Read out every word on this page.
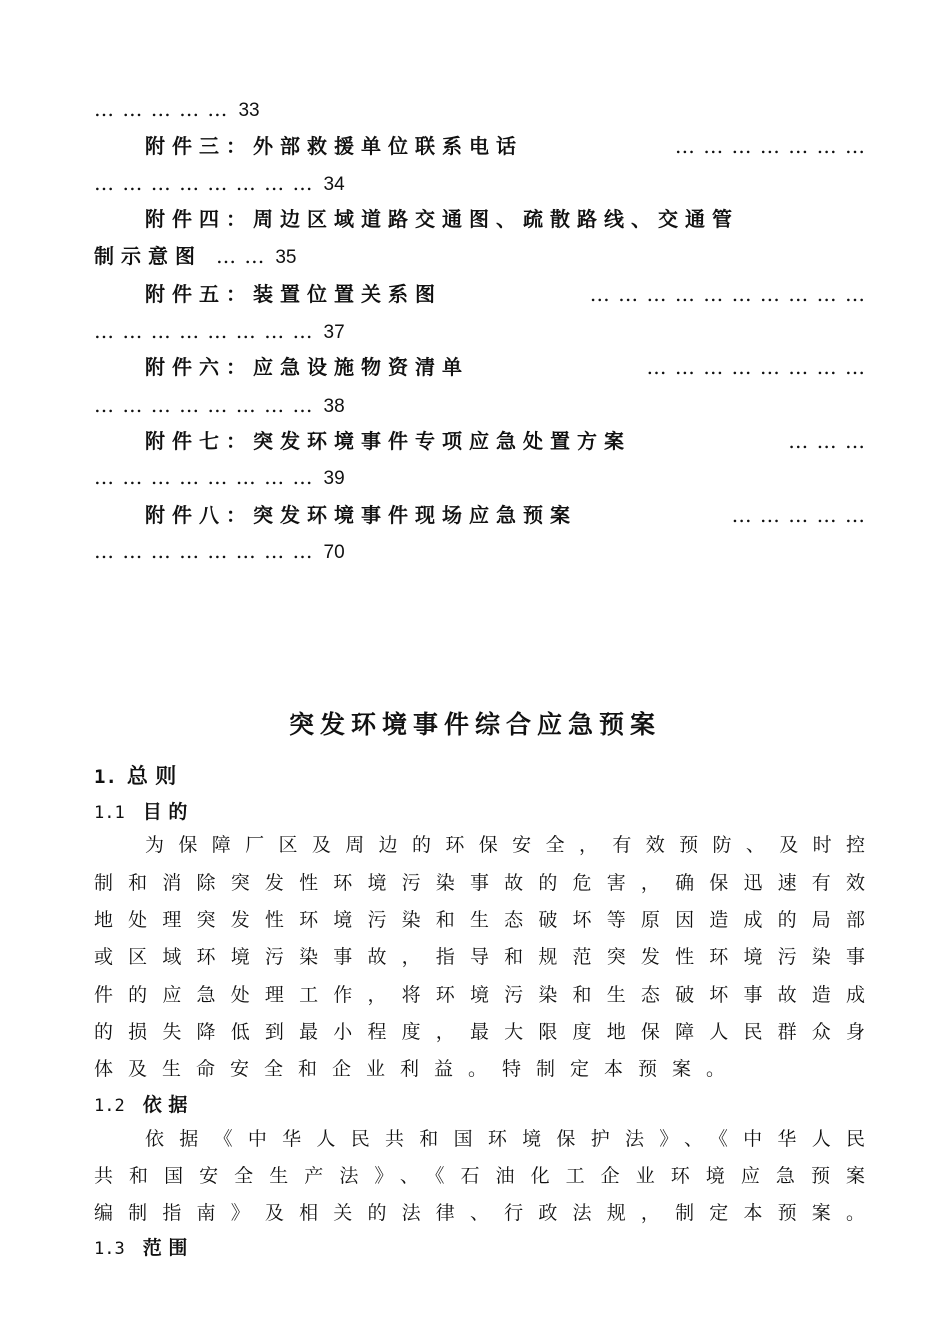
… … … … … 33
附件三：外部救援单位联系电话	… … … … … … …
… … … … … … … … 34
附件四：周边区域道路交通图、疏散路线、交通管
制示意图 … … 35
附件五：装置位置关系图	… … … … … … … … … …
… … … … … … … … 37
附件六：应急设施物资清单	… … … … … … … …
… … … … … … … … 38
附件七：突发环境事件专项应急处置方案	… … …
… … … … … … … … 39
附件八：突发环境事件现场应急预案	… … … … …
… … … … … … … … 70
突发环境事件综合应急预案
1. 总 则
1.1 目 的
为保障厂区及周边的环保安全，有效预防、及时控
制和消除突发性环境污染事故的危害，确保迅速有效
地处理突发性环境污染和生态破坏等原因造成的局部
或区域环境污染事故，指导和规范突发性环境污染事
件的应急处理工作，将环境污染和生态破坏事故造成
的损失降低到最小程度，最大限度地保障人民群众身
体及生命安全和企业利益。特制定本预案。
1.2 依 据
依据《中华人民共和国环境保护法》、《中华人民
共和国安全生产法》、《石油化工企业环境应急预案
编制指南》及相关的法律、行政法规，制定本预案。
1.3 范 围
